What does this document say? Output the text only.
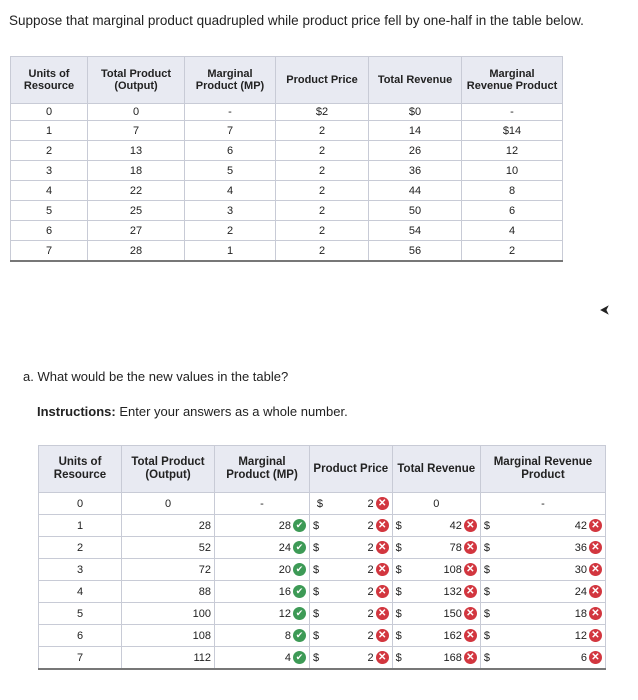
Suppose that marginal product quadrupled while product price fell by one-half in the table below.
Units of Resource	Total Product (Output)	Marginal Product (MP)	Product Price	Total Revenue	Marginal Revenue Product
0	0	-	$2	$0	-
1	7	7	2	14	$14
2	13	6	2	26	12
3	18	5	2	36	10
4	22	4	2	44	8
5	25	3	2	50	6
6	27	2	2	54	4
7	28	1	2	56	2
a. What would be the new values in the table?
Instructions: Enter your answers as a whole number.
Units of Resource	Total Product (Output)	Marginal Product (MP)	Product Price		Total Revenue		Marginal Revenue Product	
0	0	-	$	2 ✕	0		-	
1	28	28 ✔	$	2 ✕	$	42 ✕	$	42 ✕
2	52	24 ✔	$	2 ✕	$	78 ✕	$	36 ✕
3	72	20 ✔	$	2 ✕	$	108 ✕	$	30 ✕
4	88	16 ✔	$	2 ✕	$	132 ✕	$	24 ✕
5	100	12 ✔	$	2 ✕	$	150 ✕	$	18 ✕
6	108	8 ✔	$	2 ✕	$	162 ✕	$	12 ✕
7	112	4 ✔	$	2 ✕	$	168 ✕	$	6 ✕
